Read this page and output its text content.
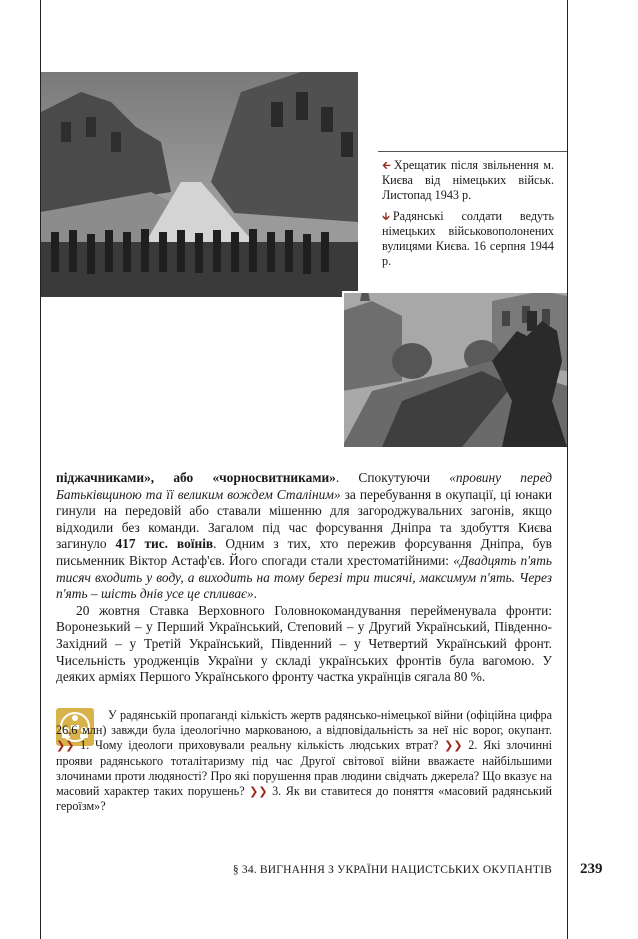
🡰 Хрещатик після звільнення м. Києва від німецьких військ. Листопад 1943 р.

🡳 Радянські солдати ведуть німецьких військовополонених вулицями Києва. 16 серпня 1944 р.

піджачниками», або «чорносвитниками». Спокутуючи «провину перед Батьківщиною та її великим вождем Сталіним» за перебування в окупації, ці юнаки гинули на передовій або ставали мішенню для загороджувальних загонів, якщо відходили без команди. Загалом під час форсування Дніпра та здобуття Києва загинуло 417 тис. воїнів. Одним з тих, хто пережив форсування Дніпра, був письменник Віктор Астаф'єв. Його спогади стали хрестоматійними: «Двадцять п'ять тисяч входить у воду, а виходить на тому березі три тисячі, максимум п'ять. Через п'ять – шість днів усе це спливає».

20 жовтня Ставка Верховного Головнокомандування перейменувала фронти: Воронезький – у Перший Український, Степовий – у Другий Український, Південно-Західний – у Третій Український, Південний – у Четвертий Український фронт. Чисельність уродженців України у складі українських фронтів була вагомою. У деяких арміях Першого Українського фронту частка українців сягала 80 %.

У радянській пропаганді кількість жертв радянсько-німецької війни (офіційна цифра 26,6 млн) завжди була ідеологічно маркованою, а відповідальність за неї ніс ворог, окупант. ❯❯ 1. Чому ідеологи приховували реальну кількість людських втрат? ❯❯ 2. Які злочинні прояви радянського тоталітаризму під час Другої світової війни вважаєте найбільшими злочинами проти людяності? Про які порушення прав людини свідчать джерела? Що вказує на масовий характер таких порушень? ❯❯ 3. Як ви ставитеся до поняття «масовий радянський героїзм»?

§ 34. ВИГНАННЯ З УКРАЇНИ НАЦИСТСЬКИХ ОКУПАНТІВ 239
